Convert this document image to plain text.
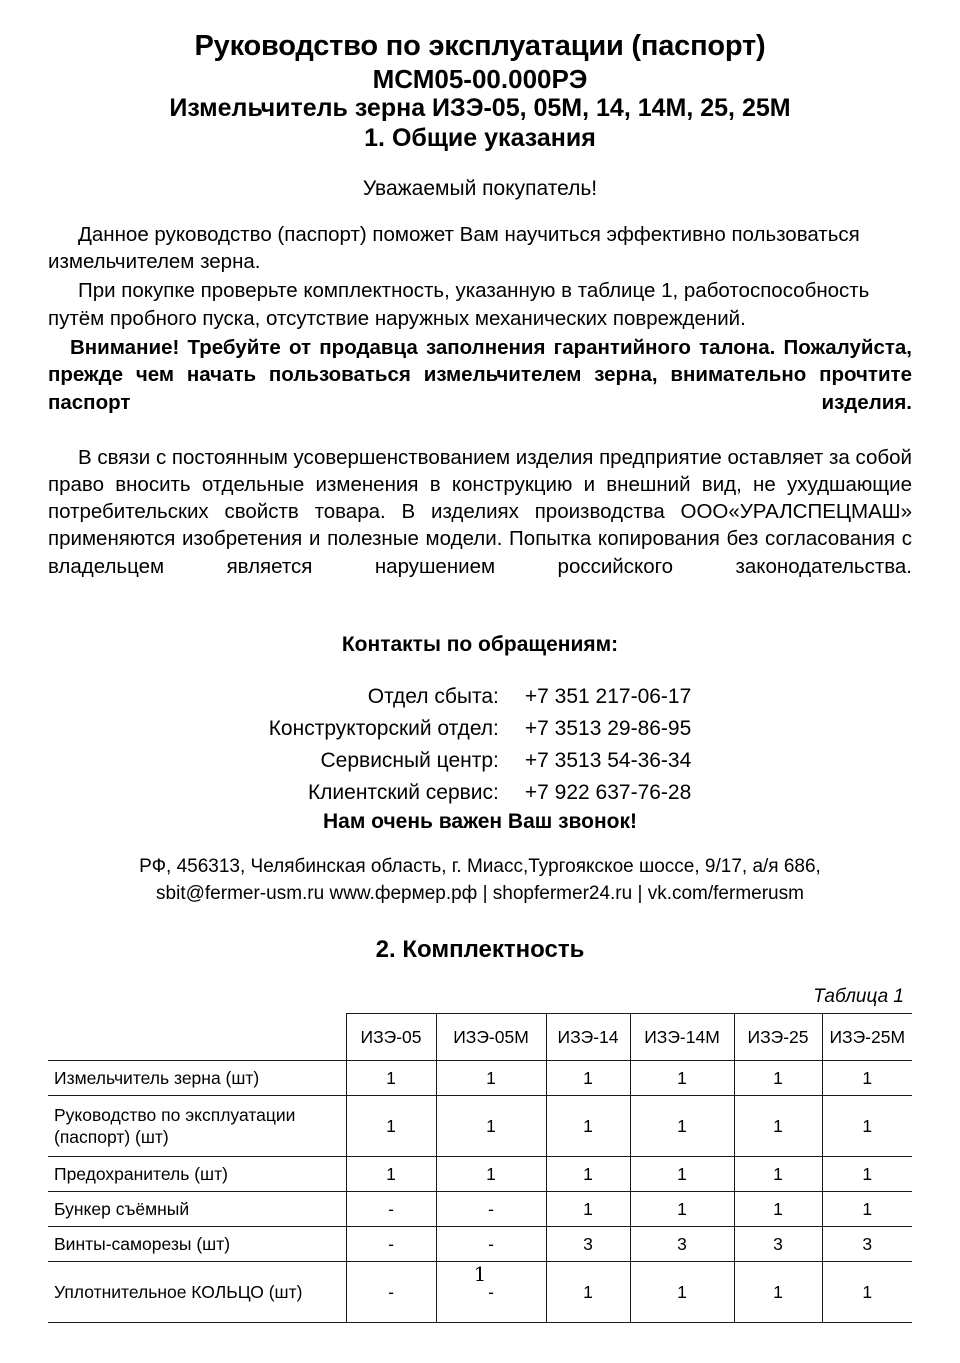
Руководство по эксплуатации (паспорт)
МСМ05-00.000РЭ
Измельчитель зерна ИЗЭ-05, 05М, 14, 14М, 25, 25М
1. Общие указания
Уважаемый покупатель!

Данное руководство (паспорт) поможет Вам научиться эффективно пользоваться измельчителем зерна.

При покупке проверьте комплектность, указанную в таблице 1, работоспособность путём пробного пуска, отсутствие наружных механических повреждений.

Внимание! Требуйте от продавца заполнения гарантийного талона. Пожалуйста, прежде чем начать пользоваться измельчителем зерна, внимательно прочтите паспорт изделия.

В связи с постоянным усовершенствованием изделия предприятие оставляет за собой право вносить отдельные изменения в конструкцию и внешний вид, не ухудшающие потребительских свойств товара. В изделиях производства ООО«УРАЛСПЕЦМАШ» применяются изобретения и полезные модели. Попытка копирования без согласования с владельцем является нарушением российского законодательства.

Контакты по обращениям:
Отдел сбыта:	+7 351 217-06-17
Конструкторский отдел:	+7 3513 29-86-95
Сервисный центр:	+7 3513 54-36-34
Клиентский сервис:	+7 922 637-76-28
Нам очень важен Ваш звонок!
РФ, 456313, Челябинская область, г. Миасс,Тургоякское шоссе, 9/17, а/я 686,
sbit@fermer-usm.ru www.фермер.рф | shopfermer24.ru | vk.com/fermerusm
2. Комплектность
Таблица 1
	ИЗЭ-05	ИЗЭ-05М	ИЗЭ-14	ИЗЭ-14М	ИЗЭ-25	ИЗЭ-25М
Измельчитель зерна (шт)	1	1	1	1	1	1
Руководство по эксплуатации (паспорт) (шт)	1	1	1	1	1	1
Предохранитель (шт)	1	1	1	1	1	1
Бункер съёмный	-	-	1	1	1	1
Винты-саморезы (шт)	-	-	3	3	3	3
Уплотнительное КОЛЬЦО (шт)	-	-	1	1	1	1
1
